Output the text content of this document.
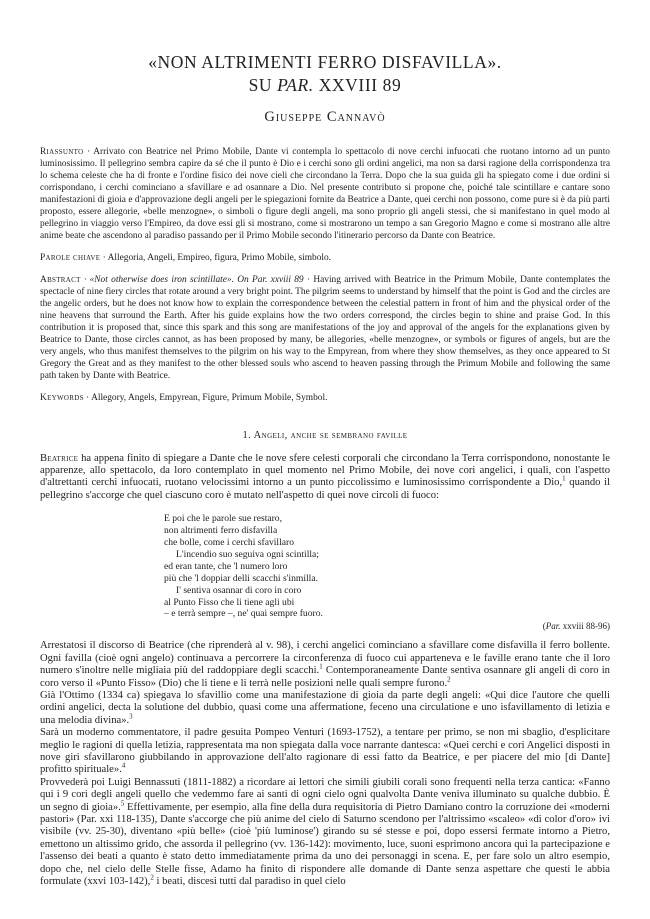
«NON ALTRIMENTI FERRO DISFAVILLA».
SU PAR. XXVIII 89
Giuseppe Cannavò

Riassunto · Arrivato con Beatrice nel Primo Mobile, Dante vi contempla lo spettacolo di nove cerchi infuocati che ruotano intorno ad un punto luminosissimo. Il pellegrino sembra capire da sé che il punto è Dio e i cerchi sono gli ordini angelici, ma non sa darsi ragione della corrispondenza tra lo schema celeste che ha di fronte e l'ordine fisico dei nove cieli che circondano la Terra. Dopo che la sua guida gli ha spiegato come i due ordini si corrispondano, i cerchi cominciano a sfavillare e ad osannare a Dio. Nel presente contributo si propone che, poiché tale scintillare e cantare sono manifestazioni di gioia e d'approvazione degli angeli per le spiegazioni fornite da Beatrice a Dante, quei cerchi non possono, come pure si è da più parti proposto, essere allegorie, «belle menzogne», o simboli o figure degli angeli, ma sono proprio gli angeli stessi, che si manifestano in quel modo al pellegrino in viaggio verso l'Empireo, da dove essi gli si mostrano, come si mostrarono un tempo a san Gregorio Magno e come si mostrano alle altre anime beate che ascendono al paradiso passando per il Primo Mobile secondo l'itinerario percorso da Dante con Beatrice.

Parole chiave · Allegoria, Angeli, Empireo, figura, Primo Mobile, simbolo.

Abstract · «Not otherwise does iron scintillate». On Par. xxviii 89 · Having arrived with Beatrice in the Primum Mobile, Dante contemplates the spectacle of nine fiery circles that rotate around a very bright point. The pilgrim seems to understand by himself that the point is God and the circles are the angelic orders, but he does not know how to explain the correspondence between the celestial pattern in front of him and the physical order of the nine heavens that surround the Earth. After his guide explains how the two orders correspond, the circles begin to shine and praise God. In this contribution it is proposed that, since this spark and this song are manifestations of the joy and approval of the angels for the explanations given by Beatrice to Dante, those circles cannot, as has been proposed by many, be allegories, «belle menzogne», or symbols or figures of angels, but are the very angels, who thus manifest themselves to the pilgrim on his way to the Empyrean, from where they show themselves, as they once appeared to St Gregory the Great and as they manifest to the other blessed souls who ascend to heaven passing through the Primum Mobile and following the same path taken by Dante with Beatrice.

Keywords · Allegory, Angels, Empyrean, Figure, Primum Mobile, Symbol.
1. Angeli, anche se sembrano faville

Beatrice ha appena finito di spiegare a Dante che le nove sfere celesti corporali che circondano la Terra corrispondono, nonostante le apparenze, allo spettacolo, da loro contemplato in quel momento nel Primo Mobile, dei nove cori angelici, i quali, con l'aspetto d'altrettanti cerchi infuocati, ruotano velocissimi intorno a un punto piccolissimo e luminosissimo corrispondente a Dio,$^1$ quando il pellegrino s'accorge che quel ciascuno coro è mutato nell'aspetto di quei nove circoli di fuoco:

E poi che le parole sue restaro,
non altrimenti ferro disfavilla
che bolle, come i cerchi sfavillaro
L'incendio suo seguiva ogni scintilla;
ed eran tante, che 'l numero loro
più che 'l doppiar delli scacchi s'inmilla.
I' sentiva osannar di coro in coro
al Punto Fisso che li tiene agli ubi
– e terrà sempre –, ne' quai sempre fuoro.
(Par. xxviii 88-96)

Arrestatosi il discorso di Beatrice (che riprenderà al v. 98), i cerchi angelici cominciano a sfavillare come disfavilla il ferro bollente. Ogni favilla (cioè ogni angelo) continuava a percorrere la circonferenza di fuoco cui apparteneva e le faville erano tante che il loro numero s'inoltre nelle migliaia più del raddoppiare degli scacchi.$^1$ Contemporaneamente Dante sentiva osannare gli angeli di coro in coro verso il «Punto Fisso» (Dio) che li tiene e li terrà nelle posizioni nelle quali sempre furono.$^2$

Già l'Ottimo (1334 ca) spiegava lo sfavillio come una manifestazione di gioia da parte degli angeli: «Qui dice l'autore che quelli ordini angelici, decta la solutione del dubbio, quasi come una affermatione, feceno una circulatione e uno isfavillamento di letizia e una melodia divina».$^3$

Sarà un moderno commentatore, il padre gesuita Pompeo Venturi (1693-1752), a tentare per primo, se non mi sbaglio, d'esplicitare meglio le ragioni di quella letizia, rappresentata ma non spiegata dalla voce narrante dantesca: «Quei cerchi e cori Angelici disposti in nove giri sfavillarono giubbilando in approvazione dell'alto ragionare di essi fatto da Beatrice, e per piacere del mio [di Dante] profitto spirituale».$^4$

Provvederà poi Luigi Bennassuti (1811-1882) a ricordare ai lettori che simili giubili corali sono frequenti nella terza cantica: «Fanno qui i 9 cori degli angeli quello che vedemmo fare ai santi di ogni cielo ogni qualvolta Dante veniva illuminato su qualche dubbio. È un segno di gioia».$^5$ Effettivamente, per esempio, alla fine della dura requisitoria di Pietro Damiano contro la corruzione dei «moderni pastori» (Par. xxi 118-135), Dante s'accorge che più anime del cielo di Saturno scendono per l'altrissimo «scaleo» «di color d'oro» ivi visibile (vv. 25-30), diventano «più belle» (cioè 'più luminose') girando su sé stesse e poi, dopo essersi fermate intorno a Pietro, emettono un altissimo grido, che assorda il pellegrino (vv. 136-142): movimento, luce, suoni esprimono ancora qui la partecipazione e l'assenso dei beati a quanto è stato detto immediatamente prima da uno dei personaggi in scena. E, per fare solo un altro esempio, dopo che, nel cielo delle Stelle fisse, Adamo ha finito di rispondere alle domande di Dante senza aspettare che questi le abbia formulate (xxvi 103-142),$^2$ i beati, discesi tutti dal paradiso in quel cielo
